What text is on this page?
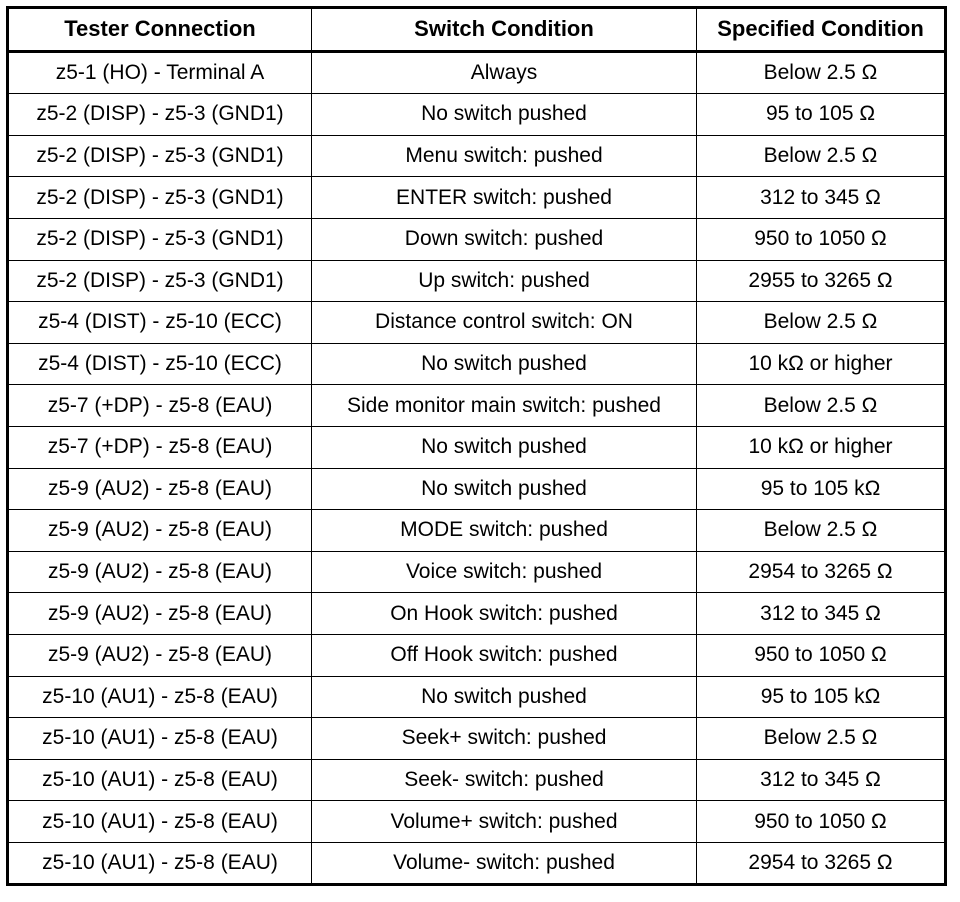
Tester Connection	Switch Condition	Specified Condition
z5-1 (HO) - Terminal A	Always	Below 2.5 Ω
z5-2 (DISP) - z5-3 (GND1)	No switch pushed	95 to 105 Ω
z5-2 (DISP) - z5-3 (GND1)	Menu switch: pushed	Below 2.5 Ω
z5-2 (DISP) - z5-3 (GND1)	ENTER switch: pushed	312 to 345 Ω
z5-2 (DISP) - z5-3 (GND1)	Down switch: pushed	950 to 1050 Ω
z5-2 (DISP) - z5-3 (GND1)	Up switch: pushed	2955 to 3265 Ω
z5-4 (DIST) - z5-10 (ECC)	Distance control switch: ON	Below 2.5 Ω
z5-4 (DIST) - z5-10 (ECC)	No switch pushed	10 kΩ or higher
z5-7 (+DP) - z5-8 (EAU)	Side monitor main switch: pushed	Below 2.5 Ω
z5-7 (+DP) - z5-8 (EAU)	No switch pushed	10 kΩ or higher
z5-9 (AU2) - z5-8 (EAU)	No switch pushed	95 to 105 kΩ
z5-9 (AU2) - z5-8 (EAU)	MODE switch: pushed	Below 2.5 Ω
z5-9 (AU2) - z5-8 (EAU)	Voice switch: pushed	2954 to 3265 Ω
z5-9 (AU2) - z5-8 (EAU)	On Hook switch: pushed	312 to 345 Ω
z5-9 (AU2) - z5-8 (EAU)	Off Hook switch: pushed	950 to 1050 Ω
z5-10 (AU1) - z5-8 (EAU)	No switch pushed	95 to 105 kΩ
z5-10 (AU1) - z5-8 (EAU)	Seek+ switch: pushed	Below 2.5 Ω
z5-10 (AU1) - z5-8 (EAU)	Seek- switch: pushed	312 to 345 Ω
z5-10 (AU1) - z5-8 (EAU)	Volume+ switch: pushed	950 to 1050 Ω
z5-10 (AU1) - z5-8 (EAU)	Volume- switch: pushed	2954 to 3265 Ω
